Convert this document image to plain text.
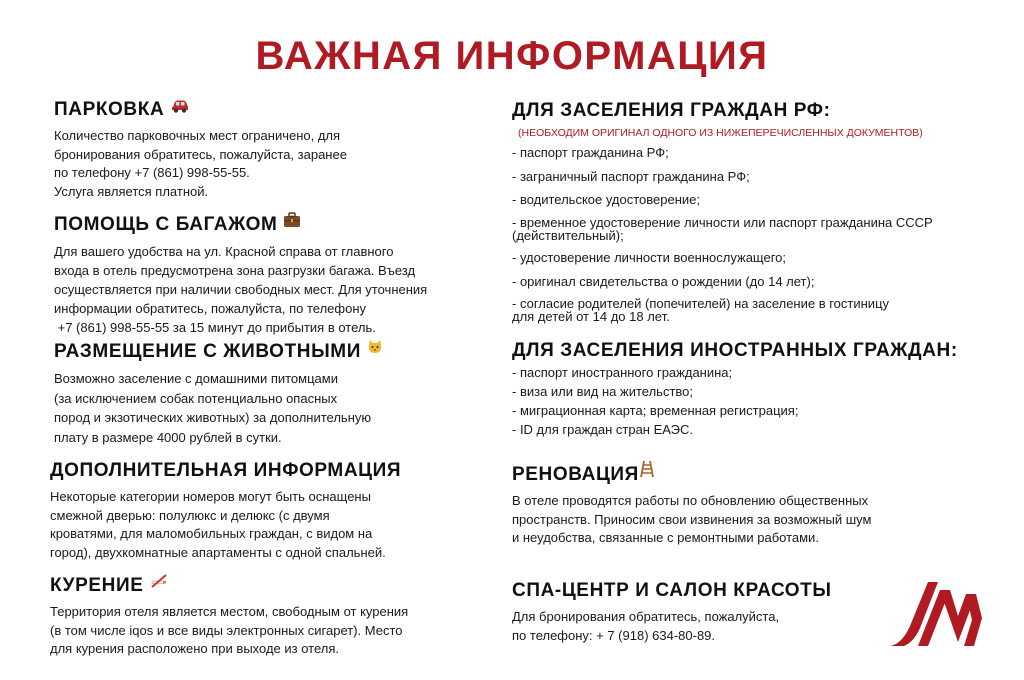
ВАЖНАЯ ИНФОРМАЦИЯ
ПАРКОВКА
Количество парковочных мест ограничено, для
бронирования обратитесь, пожалуйста, заранее
по телефону +7 (861) 998-55-55.
Услуга является платной.
ПОМОЩЬ С БАГАЖОМ
Для вашего удобства на ул. Красной справа от главного
входа в отель предусмотрена зона разгрузки багажа. Въезд
осуществляется при наличии свободных мест. Для уточнения
информации обратитесь, пожалуйста, по телефону
+7 (861) 998-55-55 за 15 минут до прибытия в отель.
РАЗМЕЩЕНИЕ С ЖИВОТНЫМИ
Возможно заселение с домашними питомцами
(за исключением собак потенциально опасных
пород и экзотических животных) за дополнительную
плату в размере 4000 рублей в сутки.
ДОПОЛНИТЕЛЬНАЯ ИНФОРМАЦИЯ
Некоторые категории номеров могут быть оснащены
смежной дверью: полулюкс и делюкс (с двумя
кроватями, для маломобильных граждан, с видом на
город), двухкомнатные апартаменты с одной спальней.
КУРЕНИЕ
Территория отеля является местом, свободным от курения
(в том числе iqos и все виды электронных сигарет). Место
для курения расположено при выходе из отеля.
ДЛЯ ЗАСЕЛЕНИЯ ГРАЖДАН РФ:
(НЕОБХОДИМ ОРИГИНАЛ ОДНОГО ИЗ НИЖЕПЕРЕЧИСЛЕННЫХ ДОКУМЕНТОВ)
- паспорт гражданина РФ;
- заграничный паспорт гражданина РФ;
- водительское удостоверение;
- временное удостоверение личности или паспорт гражданина СССР
(действительный);
- удостоверение личности военнослужащего;
- оригинал свидетельства о рождении (до 14 лет);
- согласие родителей (попечителей) на заселение в гостиницу
для детей от 14 до 18 лет.
ДЛЯ ЗАСЕЛЕНИЯ ИНОСТРАННЫХ ГРАЖДАН:
- паспорт иностранного гражданина;
- виза или вид на жительство;
- миграционная карта; временная регистрация;
- ID для граждан стран ЕАЭС.
РЕНОВАЦИЯ
В отеле проводятся работы по обновлению общественных
пространств. Приносим свои извинения за возможный шум
и неудобства, связанные с ремонтными работами.
СПА-ЦЕНТР И САЛОН КРАСОТЫ
Для бронирования обратитесь, пожалуйста,
по телефону: + 7 (918) 634-80-89.
